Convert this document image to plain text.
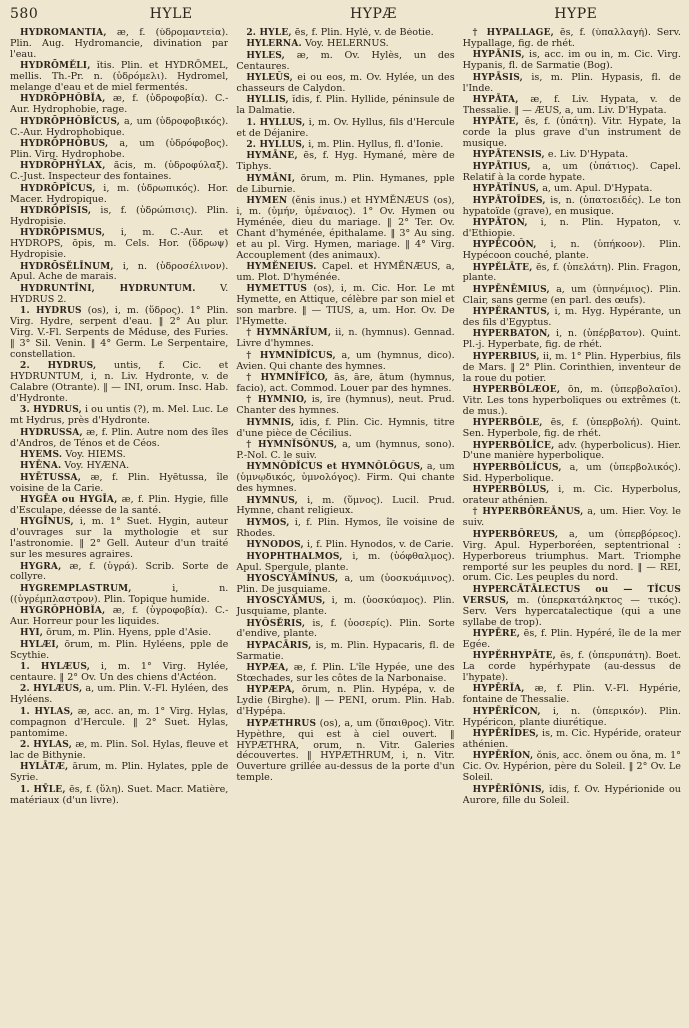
580	HYLE	HYPÆ	HYPE

HYDRŌMANTĬA, æ, f. (ὑδρομαντεία). Plin. Aug. Hydromancie, divination par l'eau.

HYDRŌMĔLI, ĭtis. Plin. et HYDRŌMEL, mellis. Th.-Pr. n. (ὑδρόμελι). Hydromel, melange d'eau et de miel fermentés.

HYDRŌPHŎBĬA, æ, f. (ὑδροφοβία). C.-Aur. Hydrophobie, rage.

HYDRŌPHŎBĬCUS, a, um (ὑδροφοβικός). C.-Aur. Hydrophobique.

HYDRŌPHŎBUS, a, um (ὑδρόφοβος). Plin. Virg. Hydrophobe.

HYDRŌPHȲLAX, ăcis, m. (ὑδροφύλαξ). C.-Just. Inspecteur des fontaines.

HYDRŌPĬCUS, i, m. (ὑδρωπικός). Hor. Macer. Hydropique.

HYDRŌPĬSIS, is, f. (ὑδρώπισις). Plin. Hydropisie.

HYDRŌPISMUS, i, m. C.-Aur. et HYDROPS, ōpis, m. Cels. Hor. (ὕδρωψ) Hydropisie.

HYDRŌSĔLĪNUM, i, n. (ὑδροσέλινον). Apul. Ache de marais.

HYDRUNTĪNI, HYDRUNTUM.	V. HYDRUS 2.

1. HYDRUS (os), i, m. (ὕδρος). 1° Plin. Virg. Hydre, serpent d'eau. ‖ 2° Au plur. Virg. V.-Fl. Serpents de Méduse, des Furies. ‖ 3° Sil. Venin. ‖ 4° Germ. Le Serpentaire, constellation.

2. HYDRUS, untis, f. Cic. et HYDRUNTUM, i, n. Liv. Hydronte, v. de Calabre (Otrante). ‖ — INI, orum. Insc. Hab. d'Hydronte.

3. HYDRUS, i ou untis (?), m. Mel. Luc. Le mt Hydrus, près d'Hydronte.

HYDRUSSA, æ, f. Plin. Autre nom des îles d'Andros, de Ténos et de Céos.

HYEMS. Voy. HIEMS.

HYĒNA. Voy. HYÆNA.

HYĒTUSSA, æ, f. Plin. Hyētussa, île voisine de la Carie.

HYGĒA ou HYGĪA, æ, f. Plin. Hygie, fille d'Esculape, déesse de la santé.

HYGĪNUS, i, m. 1° Suet. Hygin, auteur d'ouvrages sur la mythologie et sur l'astronomie. ‖ 2° Gell. Auteur d'un traité sur les mesures agraires.

HYGRA, æ, f. (ὑγρά). Scrib. Sorte de collyre.

HYGREMPLASTRUM,	i, n. ((ὑγρέμπλαστρον). Plin. Topique humide.

HYGRŎPHŎBĬA, æ, f. (ὑγροφοβία). C.-Aur. Horreur pour les liquides.

HYI, ōrum, m. Plin. Hyens, pple d'Asie.

HYLÆI, ōrum, m. Plin. Hyléens, pple de Scythie.

1. HYLÆUS, i, m. 1° Virg. Hylée, centaure. ‖ 2° Ov. Un des chiens d'Actéon.

2. HYLÆUS, a, um. Plin. V.-Fl. Hyléen, des Hyléens.

1. HYLAS, æ, acc. an, m. 1° Virg. Hylas, compagnon d'Hercule. ‖ 2° Suet. Hylas, pantomime.

2. HYLAS, æ, m. Plin. Sol. Hylas, fleuve et lac de Bithynie.

HYLĀTÆ, ārum, m. Plin. Hylates, pple de Syrie.

1. HȲLE, ēs, f. (ὕλη). Suet. Macr. Matière, matériaux (d'un livre).

2. HȲLE, ēs, f. Plin. Hylé, v. de Béotie.

HYLERNA. Voy. HELERNUS.

HYLES, æ, m. Ov. Hylès, un des Centaures.

HYLEŬS, ei ou eos, m. Ov. Hylée, un des chasseurs de Calydon.

HYLLIS, ĭdis, f. Plin. Hyllide, péninsule de la Dalmatie.

1. HYLLUS, i, m. Ov. Hyllus, fils d'Hercule et de Déjanire.

2. HYLLUS, i, m. Plin. Hyllus, fl. d'Ionie.

HYMĀNE, ēs, f. Hyg. Hymané, mère de Tiphys.

HYMĀNI, ōrum, m. Plin. Hymanes, pple de Liburnie.

HYMEN (ĕnis inus.) et HYMĔNÆUS (os), i, m. (ὑμήν, ὑμέναιος). 1° Ov. Hymen ou Hyménée, dieu du mariage. ‖ 2° Ter. Ov. Chant d'hyménée, épithalame. ‖ 3° Au sing. et au pl. Virg. Hymen, mariage. ‖ 4° Virg. Accouplement (des animaux).

HYMĔNEIUS. Capel. et HYMĔNÆUS, a, um. Plot. D'hyménée.

HYMETTUS (os), i, m. Cic. Hor. Le mt Hymette, en Attique, célèbre par son miel et son marbre. ‖ — TIUS, a, um. Hor. Ov. De l'Hymette.

† HYMNĀRĬUM, ii, n. (hymnus). Gennad. Livre d'hymnes.

† HYMNĬDĬCUS, a, um (hymnus, dico). Avien. Qui chante des hymnes.

† HYMNĬFĬCO, ās, āre, ātum (hymnus, facio), act. Commod. Louer par des hymnes.

† HYMNIO, is, īre (hymnus), neut. Prud. Chanter des hymnes.

HYMNIS, ĭdis, f. Plin. Cic. Hymnis, titre d'une pièce de Cécilius.

† HYMNĬSŎNUS, a, um (hymnus, sono). P.-Nol. C. le suiv.

HYMNŎDĬCUS et HYMNŎLŎGUS, a, um (ὑμνῳδικός, ὑμνολόγος). Firm. Qui chante des hymnes.

HYMNUS, i, m. (ὕμνος). Lucil. Prud. Hymne, chant religieux.

HYMOS, i, f. Plin. Hymos, île voisine de Rhodes.

HYNODOS, i, f. Plin. Hynodos, v. de Carie.

HYOPHTHALMOS, i, m. (ὑόφθαλμος). Apul. Spergule, plante.

HYOSCYĂMĬNUS, a, um (ὑοσκυάμινος). Plin. De jusquiame.

HYOSCYĂMUS, i, m. (ὑοσκύαμος). Plin. Jusquiame, plante.

HYŎSĔRIS, is, f. (ὑοσερίς). Plin. Sorte d'endive, plante.

HYPACĀRIS, is, m. Plin. Hypacaris, fl. de Sarmatie.

HYPÆA, æ, f. Plin. L'île Hypée, une des Stœchades, sur les côtes de la Narbonaise.

HYPÆPA, ōrum, n. Plin. Hypépa, v. de Lydie (Birghe). ‖ — PENI, orum. Plin. Hab. d'Hypépa.

HYPÆTHRUS (os), a, um (ὕπαιθρος). Vitr. Hypèthre, qui est à ciel ouvert. ‖ HYPÆTHRA, orum, n. Vitr. Galeries découvertes. ‖ HYPÆTHRUM, i, n. Vitr. Ouverture grillée au-dessus de la porte d'un temple.

† HYPALLĂGE, ēs, f. (ὑπαλλαγή). Serv. Hypallage, fig. de rhét.

HYPĀNIS, is, acc. im ou in, m. Cic. Virg. Hypanis, fl. de Sarmatie (Bog).

HYPĀSIS, is, m. Plin. Hypasis, fl. de l'Inde.

HYPĀTA, æ, f. Liv. Hypata, v. de Thessalie. ‖ — ÆUS, a, um. Liv. D'Hypata.

HYPĂTE, ēs, f. (ὑπάτη). Vitr. Hypate, la corde la plus grave d'un instrument de musique.

HYPĀTENSIS, e. Liv. D'Hypata.

HYPĀTIUS, a, um (ὑπάτιος). Capel. Relatif à la corde hypate.

HYPĀTĪNUS, a, um. Apul. D'Hypata.

HYPĀTOĪDES, is, n. (ὑπατοειδές). Le ton hypatoïde (grave), en musique.

HYPĀTON, i, n. Plin. Hypaton, v. d'Ethiopie.

HYPĒCOŎN, i, n. (ὑπήκοον). Plin. Hypécoon couché, plante.

HYPĔLĀTE, ēs, f. (ὑπελάτη). Plin. Fragon, plante.

HYPĒNĒMIUS, a, um (ὑπηνέμιος). Plin. Clair, sans germe (en parl. des œufs).

HYPĔRANTUS, i, m. Hyg. Hypérante, un des fils d'Egyptus.

HYPERBATON, i, n. (ὑπέρβατον). Quint. Pl.-j. Hyperbate, fig. de rhét.

HYPERBIUS, ii, m. 1° Plin. Hyperbius, fils de Mars. ‖ 2° Plin. Corinthien, inventeur de la roue du potier.

HYPERBŎLÆOE, ōn, m. (ὑπερβολαῖοι). Vitr. Les tons hyperboliques ou extrêmes (t. de mus.).

HYPERBŎLE, ēs, f. (ὑπερβολή). Quint. Sen. Hyperbole, fig. de rhét.

HYPERBŎLĬCE, adv. (hyperbolicus). Hier. D'une manière hyperbolique.

HYPERBŎLĬCUS, a, um (ὑπερβολικός). Sid. Hyperbolique.

HYPERBŎLUS, i, m. Cic. Hyperbolus, orateur athénien.

† HYPERBŎREĀNUS, a, um. Hier. Voy. le suiv.

HYPERBŎREUS, a, um (ὑπερβόρεος). Virg. Apul. Hyperboréen, septentrional : Hyperboreus triumphus. Mart. Triomphe remporté sur les peuples du nord. ‖ — REI, orum. Cic. Les peuples du nord.

HYPERCĀTĀLECTUS ou — TĬCUS VERSUS, m. (ὑπερκατάληκτος — τικός). Serv. Vers hypercatalectique (qui a une syllabe de trop).

HYPĒRE, ēs, f. Plin. Hypéré, île de la mer Egée.

HYPĔRHYPĀTE, ēs, f. (ὑπερυπάτη). Boet. La corde hypérhypate (au-dessus de l'hypate).

HYPĒRĬA, æ, f. Plin. V.-Fl. Hypérie, fontaine de Thessalie.

HYPĒRĬCON, i, n. (ὑπερικόν). Plin. Hypéricon, plante diurétique.

HYPĒRĬDES, is, m. Cic. Hypéride, orateur athénien.

HYPĒRĬON, ŏnis, acc. ŏnem ou ŏna, m. 1° Cic. Ov. Hypérion, père du Soleil. ‖ 2° Ov. Le Soleil.

HYPĒRĬŎNIS, ĭdis, f. Ov. Hypérionide ou Aurore, fille du Soleil.
